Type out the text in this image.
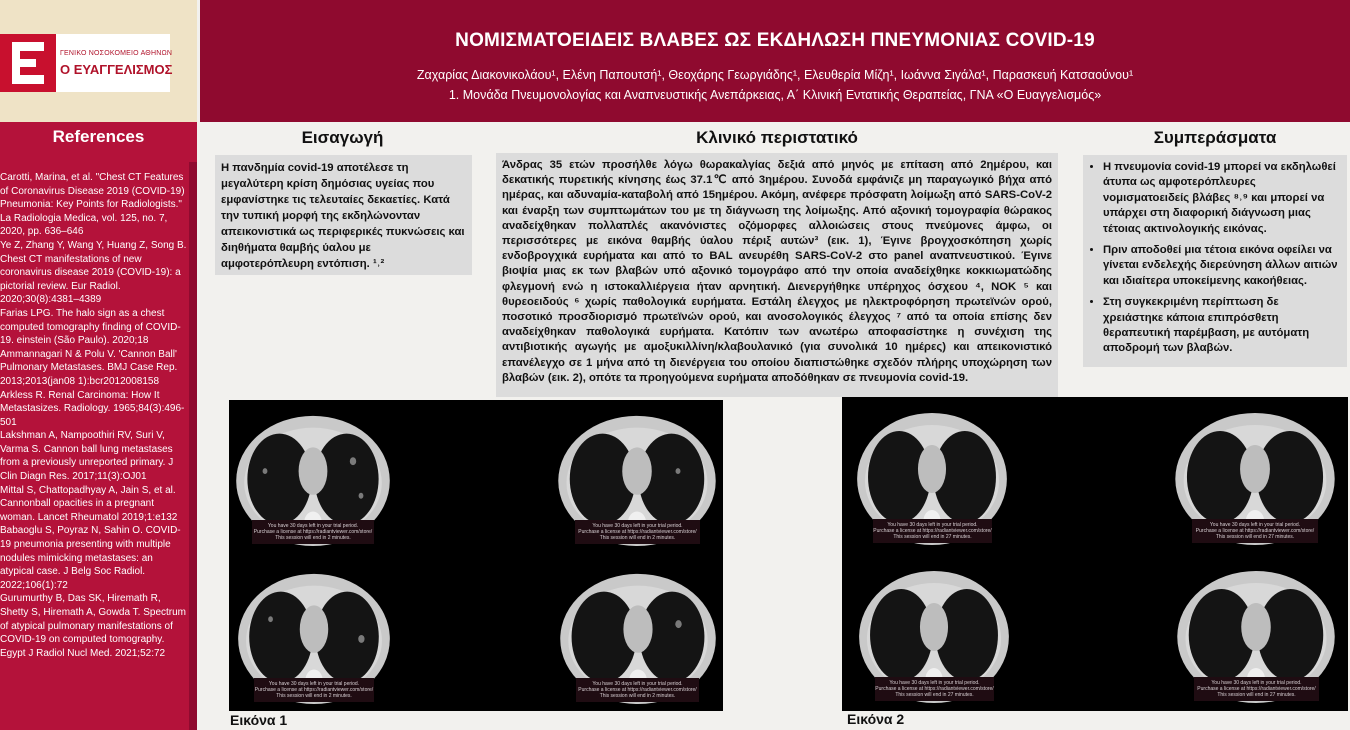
ΓΕΝΙΚΟ ΝΟΣΟΚΟΜΕΙΟ ΑΘΗΝΩΝ
Ο ΕΥΑΓΓΕΛΙΣΜΟΣ
ΝΟΜΙΣΜΑΤΟΕΙΔΕΙΣ ΒΛΑΒΕΣ ΩΣ ΕΚΔΗΛΩΣΗ ΠΝΕΥΜΟΝΙΑΣ COVID-19
Ζαχαρίας Διακονικολάου¹, Ελένη Παπουτσή¹, Θεοχάρης Γεωργιάδης¹, Ελευθερία Μίζη¹, Ιωάννα Σιγάλα¹, Παρασκευή Κατσαούνου¹
1. Μονάδα Πνευμονολογίας και Αναπνευστικής Ανεπάρκειας, Α΄ Κλινική Εντατικής Θεραπείας, ΓΝΑ «Ο Ευαγγελισμός»
References
Carotti, Marina, et al. "Chest CT Features of Coronavirus Disease 2019 (COVID-19) Pneumonia: Key Points for Radiologists." La Radiologia Medica, vol. 125, no. 7, 2020, pp. 636–646
Ye Z, Zhang Y, Wang Y, Huang Z, Song B. Chest CT manifestations of new coronavirus disease 2019 (COVID-19): a pictorial review. Eur Radiol. 2020;30(8):4381–4389
Farias LPG. The halo sign as a chest computed tomography finding of COVID-19. einstein (São Paulo). 2020;18
Ammannagari N & Polu V. 'Cannon Ball' Pulmonary Metastases. BMJ Case Rep. 2013;2013(jan08 1):bcr2012008158
Arkless R. Renal Carcinoma: How It Metastasizes. Radiology. 1965;84(3):496-501
Lakshman A, Nampoothiri RV, Suri V, Varma S. Cannon ball lung metastases from a previously unreported primary. J Clin Diagn Res. 2017;11(3):OJ01
Mittal S, Chattopadhyay A, Jain S, et al. Cannonball opacities in a pregnant woman. Lancet Rheumatol 2019;1:e132
Babaoglu S, Poyraz N, Sahin O. COVID-19 pneumonia presenting with multiple nodules mimicking metastases: an atypical case. J Belg Soc Radiol. 2022;106(1):72
Gurumurthy B, Das SK, Hiremath R, Shetty S, Hiremath A, Gowda T. Spectrum of atypical pulmonary manifestations of COVID-19 on computed tomography. Egypt J Radiol Nucl Med. 2021;52:72
Εισαγωγή
Η πανδημία covid-19 αποτέλεσε τη μεγαλύτερη κρίση δημόσιας υγείας που εμφανίστηκε τις τελευταίες δεκαετίες. Κατά την τυπική μορφή της εκδηλώνονταν απεικονιστικά ως περιφερικές πυκνώσεις και διηθήματα θαμβής ύαλου με αμφοτερόπλευρη εντόπιση. ¹˒²
Κλινικό περιστατικό
Άνδρας 35 ετών προσήλθε λόγω θωρακαλγίας δεξιά από μηνός με επίταση από 2ημέρου, και δεκατικής πυρετικής κίνησης έως 37.1℃ από 3ημέρου. Συνοδά εμφάνιζε μη παραγωγικό βήχα από ημέρας, και αδυναμία-καταβολή από 15ημέρου. Ακόμη, ανέφερε πρόσφατη λοίμωξη από SARS-CoV-2 και έναρξη των συμπτωμάτων του με τη διάγνωση της λοίμωξης. Από αξονική τομογραφία θώρακος αναδείχθηκαν πολλαπλές ακανόνιστες οζόμορφες αλλοιώσεις στους πνεύμονες άμφω, οι περισσότερες με εικόνα θαμβής ύαλου πέριξ αυτών³ (εικ. 1), Έγινε βρογχοσκόπηση χωρίς ενδοβρογχικά ευρήματα και από το BAL ανευρέθη SARS-CoV-2 στο panel αναπνευστικού. Έγινε βιοψία μιας εκ των βλαβών υπό αξονικό τομογράφο από την οποία αναδείχθηκε κοκκιωματώδης φλεγμονή ενώ η ιστοκαλλιέργεια ήταν αρνητική. Διενεργήθηκε υπέρηχος όσχεου ⁴, ΝΟΚ ⁵ και θυρεοειδούς ⁶ χωρίς παθολογικά ευρήματα. Εστάλη έλεγχος με ηλεκτροφόρηση πρωτεϊνών ορού, ποσοτικό προσδιορισμό πρωτεϊνών ορού, και ανοσολογικός έλεγχος ⁷ από τα οποία επίσης δεν αναδείχθηκαν παθολογικά ευρήματα. Κατόπιν των ανωτέρω αποφασίστηκε η συνέχιση της αντιβιοτικής αγωγής με αμοξυκιλλίνη/κλαβουλανικό (για συνολικά 10 ημέρες) και απεικονιστικό επανέλεγχο σε 1 μήνα από τη διενέργεια του οποίου διαπιστώθηκε σχεδόν πλήρης υποχώρηση των βλαβών (εικ. 2), οπότε τα προηγούμενα ευρήματα αποδόθηκαν σε πνευμονία covid-19.
Συμπεράσματα
• Η πνευμονία covid-19 μπορεί να εκδηλωθεί άτυπα ως αμφοτερόπλευρες νομισματοειδείς βλάβες ⁸˒⁹ και μπορεί να υπάρχει στη διαφορική διάγνωση μιας τέτοιας ακτινολογικής εικόνας.
• Πριν αποδοθεί μια τέτοια εικόνα οφείλει να γίνεται ενδελεχής διερεύνηση άλλων αιτιών και ιδιαίτερα υποκείμενης κακοήθειας.
• Στη συγκεκριμένη περίπτωση δε χρειάστηκε κάποια επιπρόσθετη θεραπευτική παρέμβαση, με αυτόματη αποδρομή των βλαβών.
You have 30 days left in your trial period.
Purchase a license at https://radiantviewer.com/store/
This session will end in 2 minutes.
You have 30 days left in your trial period.
Purchase a license at https://radiantviewer.com/store/
This session will end in 2 minutes.
You have 30 days left in your trial period.
Purchase a license at https://radiantviewer.com/store/
This session will end in 2 minutes.
You have 30 days left in your trial period.
Purchase a license at https://radiantviewer.com/store/
This session will end in 2 minutes.
You have 30 days left in your trial period.
Purchase a license at https://radiantviewer.com/store/
This session will end in 27 minutes.
You have 30 days left in your trial period.
Purchase a license at https://radiantviewer.com/store/
This session will end in 27 minutes.
You have 30 days left in your trial period.
Purchase a license at https://radiantviewer.com/store/
This session will end in 27 minutes.
You have 30 days left in your trial period.
Purchase a license at https://radiantviewer.com/store/
This session will end in 27 minutes.
Εικόνα 1	Εικόνα 2
